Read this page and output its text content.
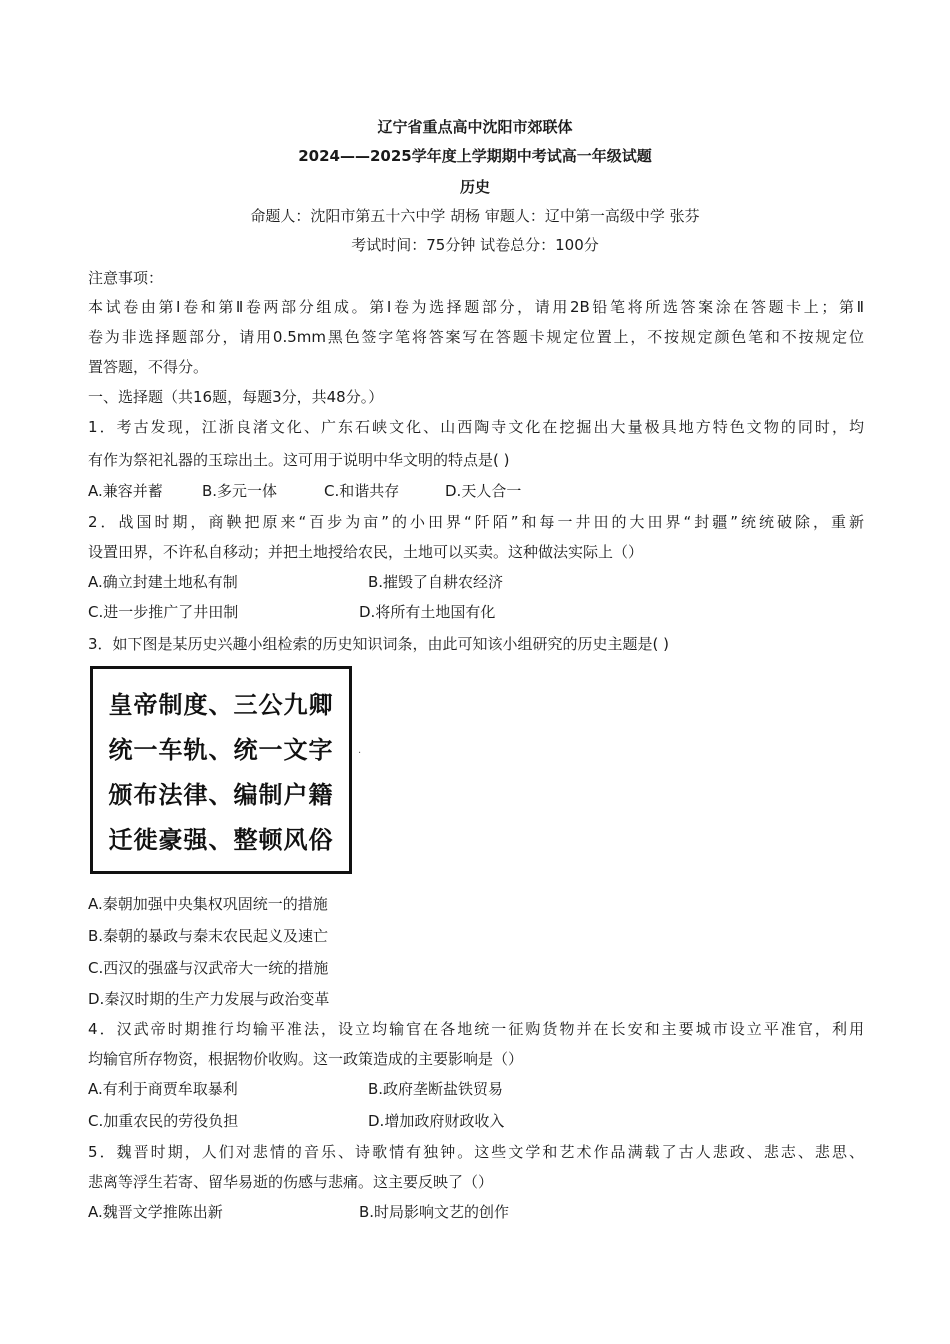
辽宁省重点高中沈阳市郊联体
2024——2025学年度上学期期中考试高一年级试题
历史
命题人：沈阳市第五十六中学 胡杨 审题人：辽中第一高级中学 张芬
考试时间：75分钟 试卷总分：100分
注意事项：
本试卷由第Ⅰ卷和第Ⅱ卷两部分组成。第Ⅰ卷为选择题部分，请用2B铅笔将所选答案涂在答题卡上；第Ⅱ
卷为非选择题部分，请用0.5mm黑色签字笔将答案写在答题卡规定位置上，不按规定颜色笔和不按规定位
置答题，不得分。
一、选择题（共16题，每题3分，共48分。）
1．考古发现，江浙良渚文化、广东石峡文化、山西陶寺文化在挖掘出大量极具地方特色文物的同时，均
有作为祭祀礼器的玉琮出土。这可用于说明中华文明的特点是( )
A.兼容并蓄	B.多元一体	C.和谐共存	D.天人合一
2．战国时期，商鞅把原来“百步为亩”的小田界“阡陌”和每一井田的大田界“封疆”统统破除，重新
设置田界，不许私自移动；并把土地授给农民，土地可以买卖。这种做法实际上（）
A.确立封建土地私有制	B.摧毁了自耕农经济
C.进一步推广了井田制	D.将所有土地国有化
3．如下图是某历史兴趣小组检索的历史知识词条，由此可知该小组研究的历史主题是( )
皇帝制度、三公九卿
统一车轨、统一文字
颁布法律、编制户籍
迁徙豪强、整顿风俗
·
A.秦朝加强中央集权巩固统一的措施
B.秦朝的暴政与秦末农民起义及速亡
C.西汉的强盛与汉武帝大一统的措施
D.秦汉时期的生产力发展与政治变革
4．汉武帝时期推行均输平准法，设立均输官在各地统一征购货物并在长安和主要城市设立平准官，利用
均输官所存物资，根据物价收购。这一政策造成的主要影响是（）
A.有利于商贾牟取暴利	B.政府垄断盐铁贸易
C.加重农民的劳役负担	D.增加政府财政收入
5．魏晋时期，人们对悲情的音乐、诗歌情有独钟。这些文学和艺术作品满载了古人悲政、悲志、悲思、
悲离等浮生若寄、留华易逝的伤感与悲痛。这主要反映了（）
A.魏晋文学推陈出新	B.时局影响文艺的创作
